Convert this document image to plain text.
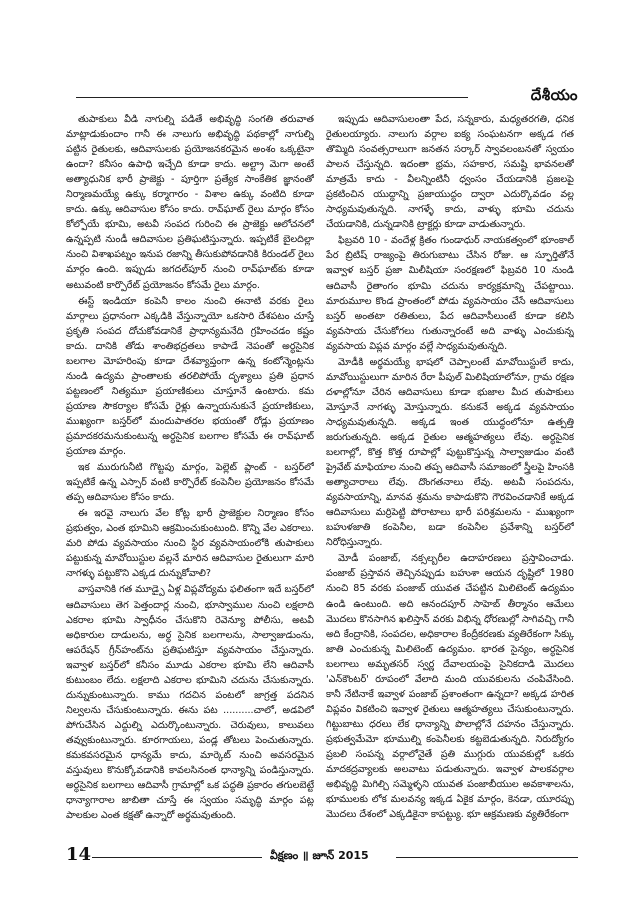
దేశీయం

తుపాకులు వీడి నాగుల్ని పడితే అభివృద్ధి సంగతి తరువాత మాట్లాడుకుందాం గానీ ఈ నాలుగు అభివృద్ధి పథకాల్లో నాగుల్ని పట్టిన రైతులకు, ఆదివాసులకు ప్రయోజనకరమైన అంశం ఒక్కటైనా ఉందా? కనీసం ఉపాధి ఇచ్చేది కూడా కాదు. అల్ట్రా మెగా అంటే అత్యాధునిక భారీ ప్రాజెక్టు - పూర్తిగా ప్రత్యేక సాంకేతిక జ్ఞానంతో నిర్మాణమయ్యే ఉక్కు కర్మాగారం - విశాల ఉక్కు వంటిది కూడా కాదు. ఉక్కు ఆదివాసుల కోసం కాదు. రావ్‌ఘాట్ రైలు మార్గం కోసం కోల్పోయే భూమి, అటవీ సంపద గురించి ఈ ప్రాజెక్టు ఆలోచనలో ఉన్నప్పటి నుండీ ఆదివాసుల ప్రతిఘటిస్తున్నారు. ఇప్పటికే బైలదిల్లా నుంచి విశాఖపట్నం ఇనుప రజాన్ని తీసుకుపోవడానికి కిరుండల్ రైలు మార్గం ఉంది. ఇప్పుడు జగదల్‌పూర్ నుంచి రావ్‌ఘాట్‌కు కూడా అటువంటి కార్పొరేట్ ప్రయోజనం కోసమే రైలు మార్గం.

ఈస్ట్ ఇండియా కంపెనీ కాలం నుంచి ఈనాటి వరకు రైలు మార్గాలు ప్రధానంగా ఎక్కడికి వేస్తున్నాయో ఒకసారి దేశపటం చూస్తే ప్రకృతి సంపద దోచుకోవడానికే ప్రాధాన్యమనేది గ్రహించడం కష్టం కాదు. దానికి తోడు శాంతిభద్రతలు కాపాడే నెపంతో అర్ధసైనిక బలగాల మోహరింపు కూడా దేశవ్యాప్తంగా ఉన్న కంటోన్మెంట్లను నుండి ఉద్యమ ప్రాంతాలకు తరలిపోయే దృశ్యాలు ప్రతి ప్రధాన పట్టణంలో నిత్యమూ ప్రయాణికులు చూస్తూనే ఉంటారు. కమ ప్రయాణ సౌకర్యాల కోసమే రైళ్లు ఉన్నాయనుకునే ప్రయాణికులు, ముఖ్యంగా బస్తర్‌లో మందుపాతరల భయంతో రోడ్లు ప్రయాణం ప్రమాదకరమనుకుంటున్న అర్ధసైనిక బలగాల కోసమే ఈ రావ్‌ఘాట్ ప్రయాణ మార్గం.

ఇక మురుగునీటి గొట్టపు మార్గం, పెల్లెట్ ప్లాంట్ - బస్తర్‌లో ఇప్పటికే ఉన్న ఎస్సార్ వంటి కార్పొరేట్ కంపెనీల ప్రయోజనం కోసమే తప్ప ఆదివాసుల కోసం కాదు.

ఈ ఇరవై నాలుగు వేల కోట్ల భారీ ప్రాజెక్టుల నిర్మాణం కోసం ప్రభుత్వం, ఎంత భూమిని ఆక్రమించుకుంటుంది. కొన్ని వేల ఎకరాలు. మరి పోడు వ్యవసాయం నుంచి స్థిర వ్యవసాయంలోకి తుపాకులు పట్టుకున్న మావోయిస్టుల వల్లనే మారిన ఆదివాసుల రైతులుగా మారి నాగళ్ళు పట్టుకొని ఎక్కడ దున్నుకోవాలి?

వాస్తవానికి గత మూడ్పై ఏళ్ల విప్లవోద్యమ ఫలితంగా ఇదే బస్తర్‌లో ఆదివాసులు తెగ పెత్తందార్ల నుంచి, భూస్వాముల నుంచి లక్షలాది ఎకరాల భూమి స్వాధీనం చేసుకొని రెవెన్యూ పోలీసు, అటవీ అధికారుల దాడులను, అర్ధ సైనిక బలగాలను, సాల్వాజుడుంను, ఆపరేషన్ గ్రీన్‌హంట్‌ను ప్రతిఘటిస్తూ వ్యవసాయం చేస్తున్నారు. ఇవ్వాళ బస్తర్‌లో కనీసం మూడు ఎకరాల భూమి లేని ఆదివాసీ కుటుంబం లేదు. లక్షలాది ఎకరాల భూమిని చదును చేసుకున్నారు. దున్నుకుంటున్నారు. కాము గదచిన పంటలో జాగ్రత్త పదనిన నిల్వలను చేసుకుంటున్నారు. ఈను పట ..........చాలో, అడవిలో పోగుచేసిన ఎద్దుల్ని ఎదుర్కొంటున్నారు. చెరువులు, కాలువలు తవ్వుకుంటున్నారు. కూరగాయలు, పండ్ల తోటలు పెంచుతున్నారు. కమకవసరమైన ధాన్యమే కాదు, మార్కెట్ నుంచి అవసరమైన వస్తువులు కొనుక్కోవడానికి కావలసినంత ధాన్యాన్ని పండిస్తున్నారు. అర్ధసైనిక బలగాలు ఆదివాసీ గ్రామాల్లో ఒక పద్ధతి ప్రకారం తగులబెట్టే ధాన్యాగారాల జాబితా చూస్తే ఈ స్వయం సమృద్ధి మార్గం పట్ల పాలకుల ఎంత కక్షతో ఉన్నారో అర్థమవుతుంది.

ఇప్పుడు ఆదివాసులంతా పేద, సన్నకారు, మధ్యతరగతి, ధనిక రైతులయ్యారు. నాలుగు వర్గాల ఐక్య సంఘటనగా అక్కడ గత తొమ్మిది సంవత్సరాలుగా జనతన సర్కార్ స్వావలంబనతో స్వయం పాలన చేస్తున్నది. ఇదంతా భ్రమ, సహకార, సమష్టి భావనలతో మాత్రమే కాదు - వీలన్నింటినీ ధ్వంసం చేయడానికి ప్రజలపై ప్రకటించిన యుద్ధాన్ని ప్రజాయుద్ధం ద్వారా ఎదుర్కొవడం వల్ల సాధ్యమవుతున్నది. నాగళ్ళే కాదు, వాళ్ళు భూమి చదును చేయడానికి, దున్నడానికి ట్రాక్టర్లు కూడా వాడుతున్నారు.

ఫిబ్రవరి 10 - వందేళ్ల క్రితం గుండాధుర్ నాయకత్వంలో భూంకాల్ పేర బ్రిటిష్ రాజ్యంపై తిరుగుబాటు చేసిన రోజు. ఆ స్ఫూర్తితోనే ఇవ్వాళ బస్తర్ ప్రజా మిలీషియా సంరక్షణలో ఫిబ్రవరి 10 నుండి ఆదివాసీ రైతాంగం భూమి చదును కార్యక్రమాన్ని చేపట్టాయి. మారుమూల కొండ ప్రాంతంలో పోడు వ్యవసాయం చేసే ఆదివాసులు బస్తర్ అంతటా రతితులు, పేద ఆదివాసీలుంటే కూడా కలిసి వ్యవసాయ చేసుకోగలు గుతున్నారంటే అది వాళ్ళు ఎంచుకున్న వ్యవసాయ విప్లవ మార్గం వల్లే సాధ్యమవుతున్నది.

మోడీకి అర్థమయ్యే భాషలో చెప్పాలంటే మావోయిస్టులే కాదు, మావోయిస్టులుగా మారిన రేరా పీపుల్ మిలిషియాలోనూ, గ్రామ రక్షణ దళాల్లోనూ చేరిన ఆదివాసులు కూడా భుజాల మీద తుపాకులు మోస్తూనే నాగళ్ళు మోస్తున్నారు. కనుకనే అక్కడ వ్యవసాయం సాధ్యమవుతున్నది. అక్కడ ఇంత యుద్ధంలోనూ ఉత్పత్తి జరుగుతున్నది. అక్కడ రైతుల ఆత్మహత్యలు లేవు. అర్ధసైనిక బలగాల్లో, కొత్త కొత్త రూపాల్లో పుట్టుకొస్తున్న సాల్వాజుడుం వంటి ప్రైవేట్ మాఫియాల నుంచి తప్ప ఆదివాసీ సమాజంలో స్త్రీలపై హింసకి అత్యాచారాలు లేవు. దొంగతనాలు లేవు. అటవీ సంపదను, వ్యవసాయాన్ని, మానవ శ్రమను కాపాడుకొని గౌరవించడానికే అక్కడ ఆదివాసులు మర్రిపెట్టి పోరాటాలు భారీ పరిశ్రమలను - ముఖ్యంగా బహుళజాతి కంపెనీల, బడా కంపెనీల ప్రవేశాన్ని బస్తర్‌లో నిరోధిస్తున్నారు.

మోడీ పంజాబ్, నక్సల్బరీల ఉదాహరణలు ప్రస్తావించాడు. పంజాబ్ ప్రస్తావన తెచ్చినప్పుడు బహుశా ఆయన దృష్టిలో 1980 నుంచి 85 వరకు పంజాబ్ యువత చేపట్టిన మిలిటెంట్ ఉద్యమం ఉండి ఉంటుంది. అది ఆనందపూర్ సాహెబ్ తీర్మానం ఆమేలు మొదలు కొనసాగిన ఖలిస్తాన్ వరకు విభిన్న ధోరణుల్లో సాగివచ్చి గానీ అది కేంద్రానికి, సంపదల, అధికారాల కేంద్రీకరణకు వ్యతిరేకంగా సిక్కు జాతి ఎంచుకున్న మిలిటెంట్ ఉద్యమం. భారత సైన్యం, అర్ధసైనిక బలగాలు అమృతసర్ స్వర్ణ దేవాలయంపై సైనికదాడి మొదలు 'ఎన్‌కౌంటర్' రూపంలో వేలాది మంది యువకులను చంపివేసింది. కానీ నేటినాకే ఇవ్వాళ పంజాబ్ ప్రశాంతంగా ఉన్నదా? అక్కడ హరిత విప్లవం వికటించి ఇవ్వాళ రైతులు ఆత్మహత్యలు చేసుకుంటున్నారు. గిట్టుబాటు ధరలు లేక ధాన్యాన్ని పొలాల్లోనే దహనం చేస్తున్నారు. ప్రభుత్వమేమో భూముల్ని కంపెనీలకు కట్టబెడుతున్నది. నిరుద్యోగం ప్రబలి సంపన్న వర్గాలోనైతే ప్రతి ముగ్గురు యువకుల్లో ఒకరు మాదకద్రవ్యాలకు అలవాటు పడుతున్నారు. ఇవ్వాళ పాలకవర్గాల అభివృద్ధి మిగిల్చి సమ్మెళ్ళని యువత పంజాబీయుల అవకాశాలను, భూములకు లోక మలవన్య ఇక్కడ ఏకైక మార్గం, కెనడా, యూరప్పు మొదలు దేశంలో ఎక్కడికైనా కాపట్ట్యు. భూ ఆక్రమణకు వ్యతిరేకంగా

14	వీక్షణం ॥ జూన్ 2015
